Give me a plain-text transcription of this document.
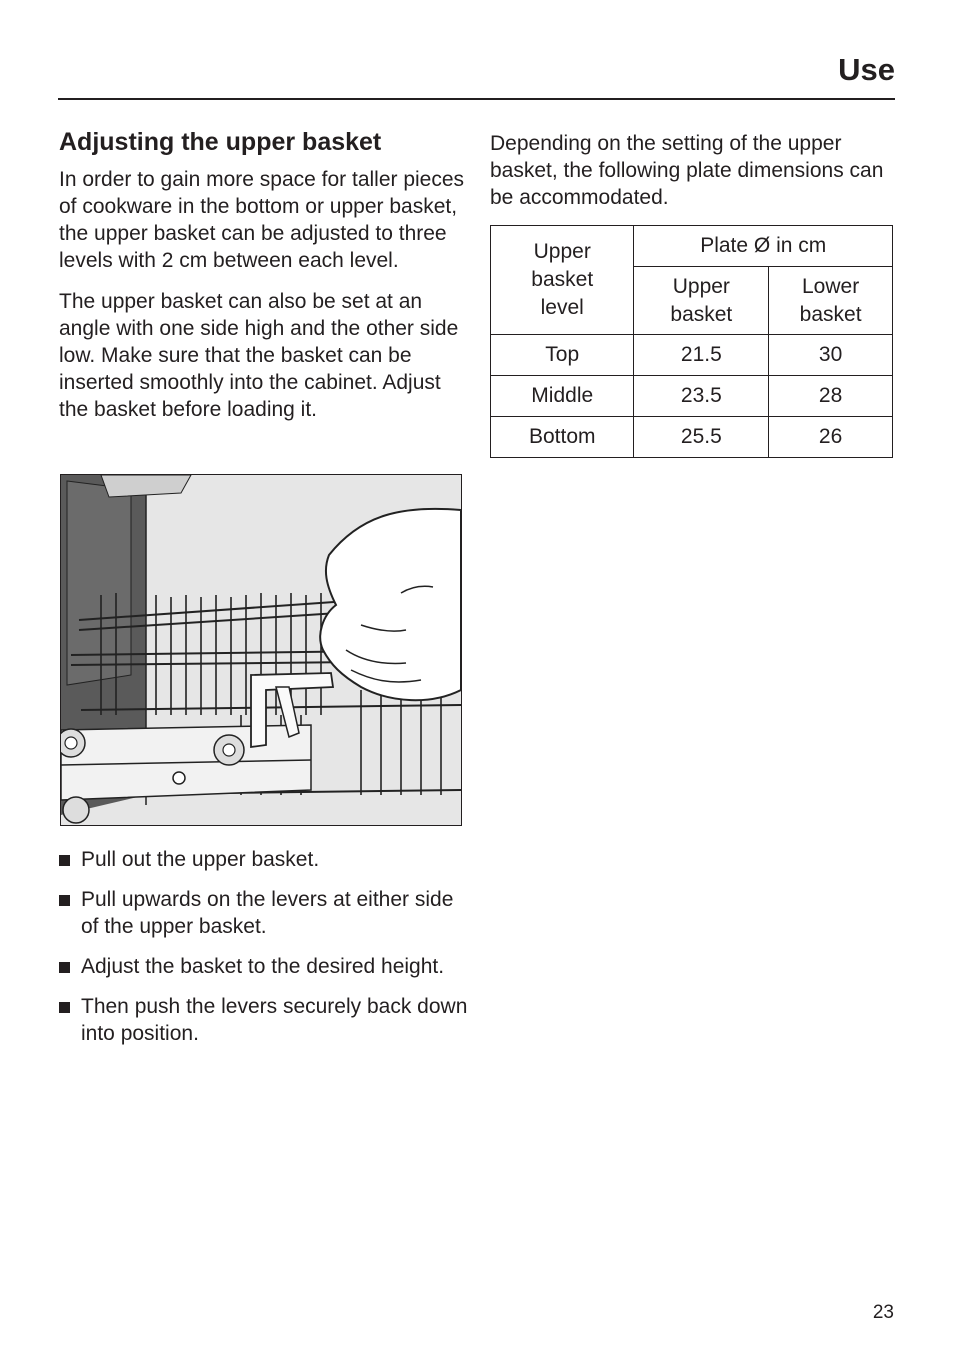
Use
Adjusting the upper basket

In order to gain more space for taller pieces of cookware in the bottom or upper basket, the upper basket can be adjusted to three levels with 2 cm between each level.

The upper basket can also be set at an angle with one side high and the other side low. Make sure that the basket can be inserted smoothly into the cabinet. Adjust the basket before loading it.

Pull out the upper basket.
Pull upwards on the levers at either side of the upper basket.
Adjust the basket to the desired height.
Then push the levers securely back down into position.

Depending on the setting of the upper basket, the following plate dimensions can be accommodated.

Upper basket level	Plate Ø in cm	
	Upper basket	Lower basket
Top	21.5	30
Middle	23.5	28
Bottom	25.5	26
23
